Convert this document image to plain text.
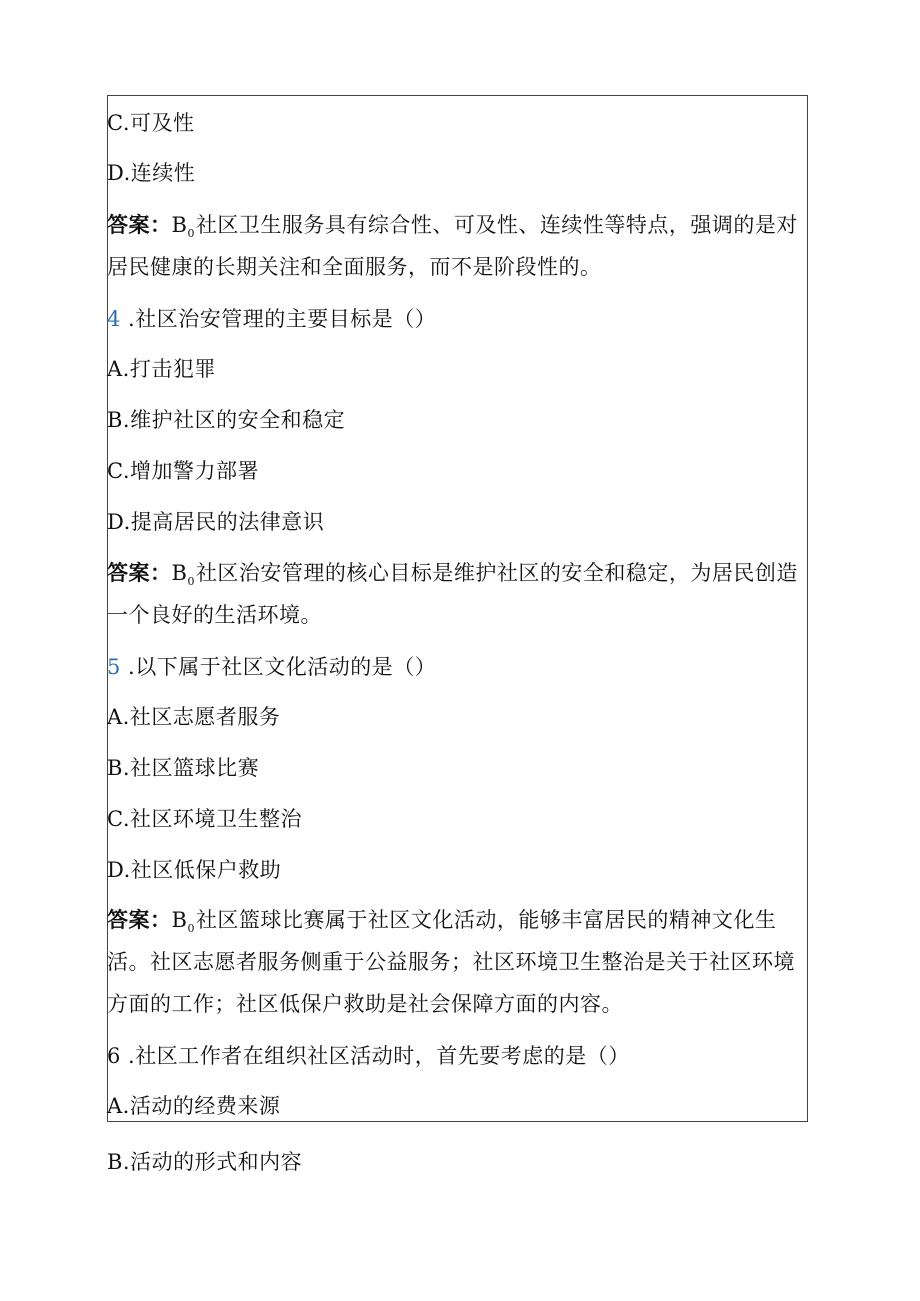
C.可及性
D.连续性
答案：$B_0$社区卫生服务具有综合性、可及性、连续性等特点，强调的是对
居民健康的长期关注和全面服务，而不是阶段性的。
4 .社区治安管理的主要目标是（）
A.打击犯罪
B.维护社区的安全和稳定
C.增加警力部署
D.提高居民的法律意识
答案：$B_0$社区治安管理的核心目标是维护社区的安全和稳定，为居民创造
一个良好的生活环境。
5 .以下属于社区文化活动的是（）
A.社区志愿者服务
B.社区篮球比赛
C.社区环境卫生整治
D.社区低保户救助
答案：$B_0$社区篮球比赛属于社区文化活动，能够丰富居民的精神文化生
活。社区志愿者服务侧重于公益服务；社区环境卫生整治是关于社区环境
方面的工作；社区低保户救助是社会保障方面的内容。
6 .社区工作者在组织社区活动时，首先要考虑的是（）
A.活动的经费来源
B.活动的形式和内容
